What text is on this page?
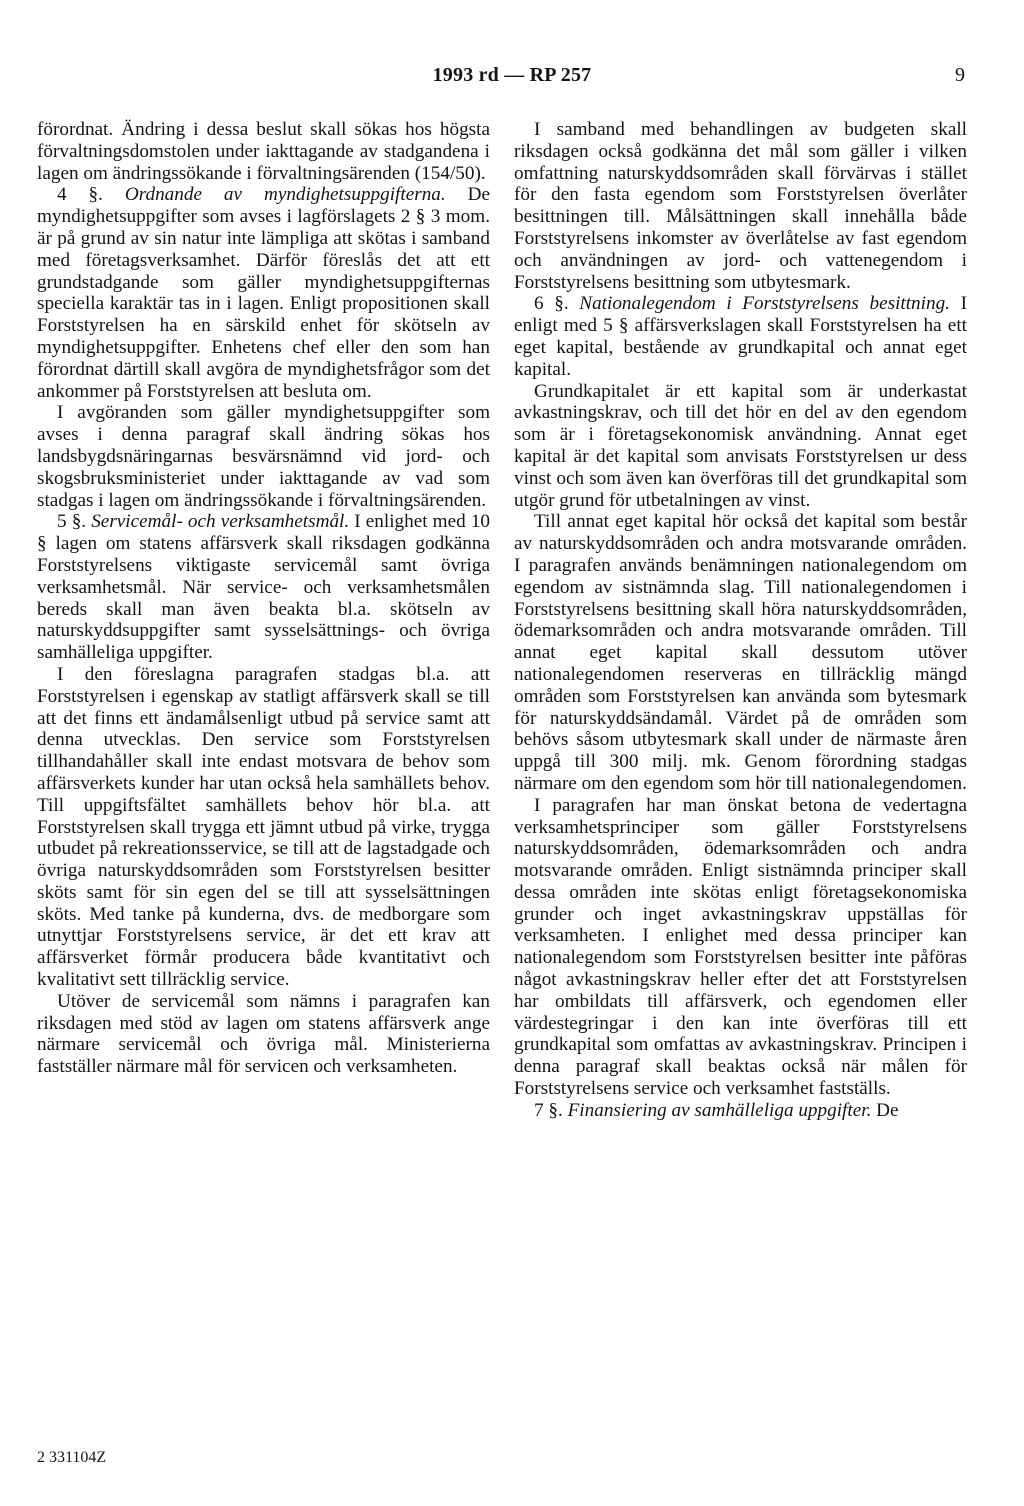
1993 rd — RP 257	9

förordnat. Ändring i dessa beslut skall sökas hos högsta förvaltningsdomstolen under iakttagande av stadgandena i lagen om ändringssökande i förvaltningsärenden (154/50).

4 §. Ordnande av myndighetsuppgifterna. De myndighetsuppgifter som avses i lagförslagets 2 § 3 mom. är på grund av sin natur inte lämpliga att skötas i samband med företagsverksamhet. Därför föreslås det att ett grundstadgande som gäller myndighetsuppgifternas speciella karaktär tas in i lagen. Enligt propositionen skall Forststyrelsen ha en särskild enhet för skötseln av myndighetsuppgifter. Enhetens chef eller den som han förordnat därtill skall avgöra de myndighetsfrågor som det ankommer på Forststyrelsen att besluta om.

I avgöranden som gäller myndighetsuppgifter som avses i denna paragraf skall ändring sökas hos landsbygdsnäringarnas besvärsnämnd vid jord- och skogsbruksministeriet under iakttagande av vad som stadgas i lagen om ändringssökande i förvaltningsärenden.

5 §. Servicemål- och verksamhetsmål. I enlighet med 10 § lagen om statens affärsverk skall riksdagen godkänna Forststyrelsens viktigaste servicemål samt övriga verksamhetsmål. När service- och verksamhetsmålen bereds skall man även beakta bl.a. skötseln av naturskyddsuppgifter samt sysselsättnings- och övriga samhälleliga uppgifter.

I den föreslagna paragrafen stadgas bl.a. att Forststyrelsen i egenskap av statligt affärsverk skall se till att det finns ett ändamålsenligt utbud på service samt att denna utvecklas. Den service som Forststyrelsen tillhandahåller skall inte endast motsvara de behov som affärsverkets kunder har utan också hela samhällets behov. Till uppgiftsfältet samhällets behov hör bl.a. att Forststyrelsen skall trygga ett jämnt utbud på virke, trygga utbudet på rekreationsservice, se till att de lagstadgade och övriga naturskyddsområden som Forststyrelsen besitter sköts samt för sin egen del se till att sysselsättningen sköts. Med tanke på kunderna, dvs. de medborgare som utnyttjar Forststyrelsens service, är det ett krav att affärsverket förmår producera både kvantitativt och kvalitativt sett tillräcklig service.

Utöver de servicemål som nämns i paragrafen kan riksdagen med stöd av lagen om statens affärsverk ange närmare servicemål och övriga mål. Ministerierna fastställer närmare mål för servicen och verksamheten.

I samband med behandlingen av budgeten skall riksdagen också godkänna det mål som gäller i vilken omfattning naturskyddsområden skall förvärvas i stället för den fasta egendom som Forststyrelsen överlåter besittningen till. Målsättningen skall innehålla både Forststyrelsens inkomster av överlåtelse av fast egendom och användningen av jord- och vattenegendom i Forststyrelsens besittning som utbytesmark.

6 §. Nationalegendom i Forststyrelsens besittning. I enligt med 5 § affärsverkslagen skall Forststyrelsen ha ett eget kapital, bestående av grundkapital och annat eget kapital.

Grundkapitalet är ett kapital som är underkastat avkastningskrav, och till det hör en del av den egendom som är i företagsekonomisk användning. Annat eget kapital är det kapital som anvisats Forststyrelsen ur dess vinst och som även kan överföras till det grundkapital som utgör grund för utbetalningen av vinst.

Till annat eget kapital hör också det kapital som består av naturskyddsområden och andra motsvarande områden. I paragrafen används benämningen nationalegendom om egendom av sistnämnda slag. Till nationalegendomen i Forststyrelsens besittning skall höra naturskyddsområden, ödemarksområden och andra motsvarande områden. Till annat eget kapital skall dessutom utöver nationalegendomen reserveras en tillräcklig mängd områden som Forststyrelsen kan använda som bytesmark för naturskyddsändamål. Värdet på de områden som behövs såsom utbytesmark skall under de närmaste åren uppgå till 300 milj. mk. Genom förordning stadgas närmare om den egendom som hör till nationalegendomen.

I paragrafen har man önskat betona de vedertagna verksamhetsprinciper som gäller Forststyrelsens naturskyddsområden, ödemarksområden och andra motsvarande områden. Enligt sistnämnda principer skall dessa områden inte skötas enligt företagsekonomiska grunder och inget avkastningskrav uppställas för verksamheten. I enlighet med dessa principer kan nationalegendom som Forststyrelsen besitter inte påföras något avkastningskrav heller efter det att Forststyrelsen har ombildats till affärsverk, och egendomen eller värdestegringar i den kan inte överföras till ett grundkapital som omfattas av avkastningskrav. Principen i denna paragraf skall beaktas också när målen för Forststyrelsens service och verksamhet fastställs.

7 §. Finansiering av samhälleliga uppgifter. De

2 331104Z
